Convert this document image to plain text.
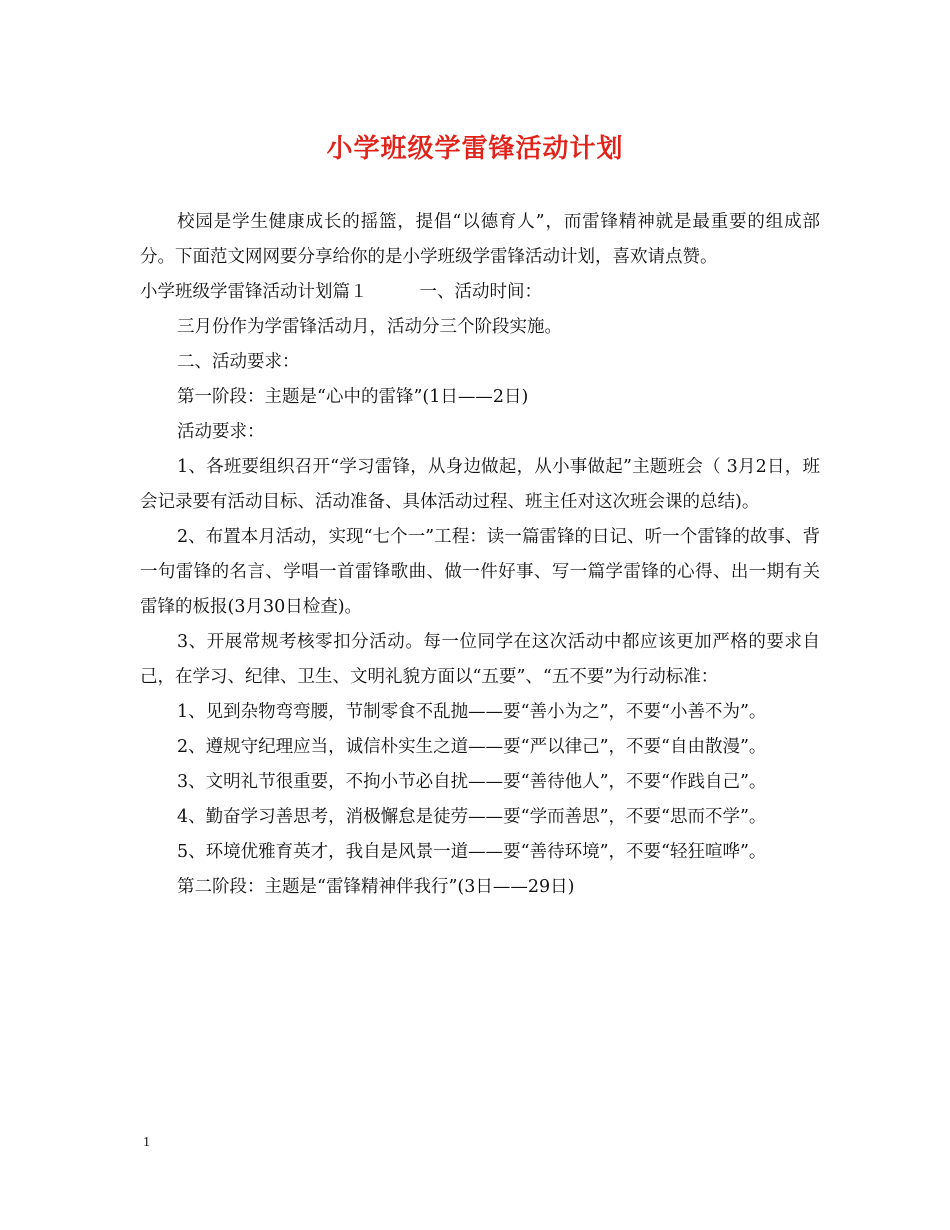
小学班级学雷锋活动计划

校园是学生健康成长的摇篮，提倡“以德育人”，而雷锋精神就是最重要的组成部分。下面范文网网要分享给你的是小学班级学雷锋活动计划，喜欢请点赞。

小学班级学雷锋活动计划篇１	一、活动时间：

三月份作为学雷锋活动月，活动分三个阶段实施。

二、活动要求：

第一阶段：主题是“心中的雷锋”(1日——2日)

活动要求：

1、各班要组织召开“学习雷锋，从身边做起，从小事做起”主题班会（ 3月2日，班会记录要有活动目标、活动准备、具体活动过程、班主任对这次班会课的总结)。

2、布置本月活动，实现“七个一”工程：读一篇雷锋的日记、听一个雷锋的故事、背一句雷锋的名言、学唱一首雷锋歌曲、做一件好事、写一篇学雷锋的心得、出一期有关雷锋的板报(3月30日检查)。

3、开展常规考核零扣分活动。每一位同学在这次活动中都应该更加严格的要求自己，在学习、纪律、卫生、文明礼貌方面以“五要”、“五不要”为行动标准：

1、见到杂物弯弯腰，节制零食不乱抛——要“善小为之”，不要“小善不为”。

2、遵规守纪理应当，诚信朴实生之道——要“严以律己”，不要“自由散漫”。

3、文明礼节很重要，不拘小节必自扰——要“善待他人”，不要“作践自己”。

4、勤奋学习善思考，消极懈怠是徒劳——要“学而善思”，不要“思而不学”。

5、环境优雅育英才，我自是风景一道——要“善待环境”，不要“轻狂喧哗”。

第二阶段：主题是“雷锋精神伴我行”(3日——29日)

1
